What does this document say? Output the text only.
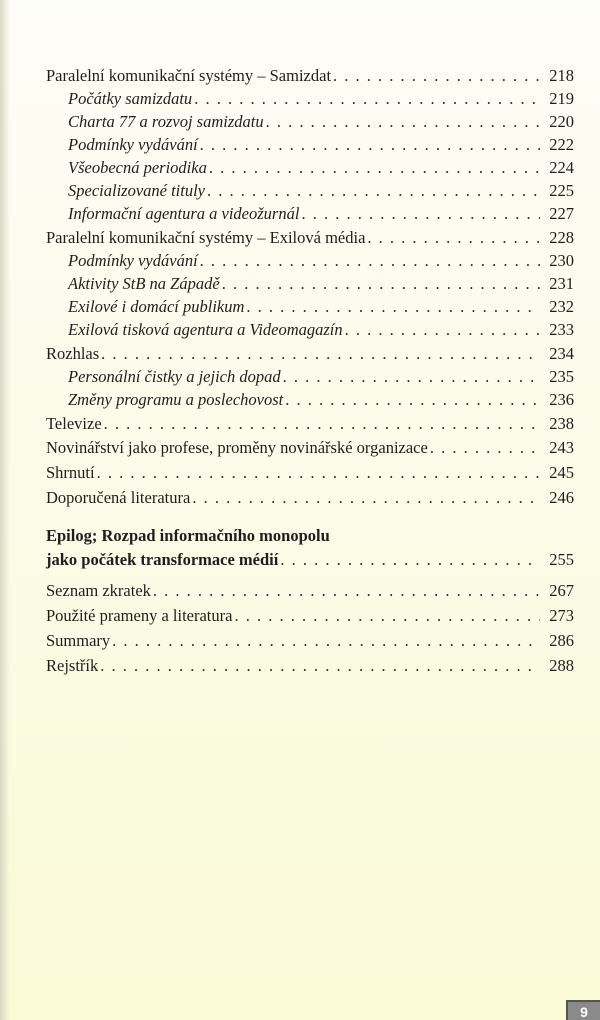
Paralelní komunikační systémy – Samizdat . . .	218
Počátky samizdatu . . .	219
Charta 77 a rozvoj samizdatu . . .	220
Podmínky vydávání . . .	222
Všeobecná periodika . . .	224
Specializované tituly . . .	225
Informační agentura a videožurnál . . .	227
Paralelní komunikační systémy – Exilová média . . .	228
Podmínky vydávání . . .	230
Aktivity StB na Západě . . .	231
Exilové i domácí publikum . . .	232
Exilová tisková agentura a Videomagazín . . .	233
Rozhlas . . .	234
Personální čistky a jejich dopad . . .	235
Změny programu a poslechovost . . .	236
Televize . . .	238
Novinářství jako profese, proměny novinářské organizace . . .	243
Shrnutí . . .	245
Doporučená literatura . . .	246
Epilog; Rozpad informačního monopolu
jako počátek transformace médií . . .	255
Seznam zkratek . . .	267
Použité prameny a literatura . . .	273
Summary . . .	286
Rejstřík . . .	288
9
